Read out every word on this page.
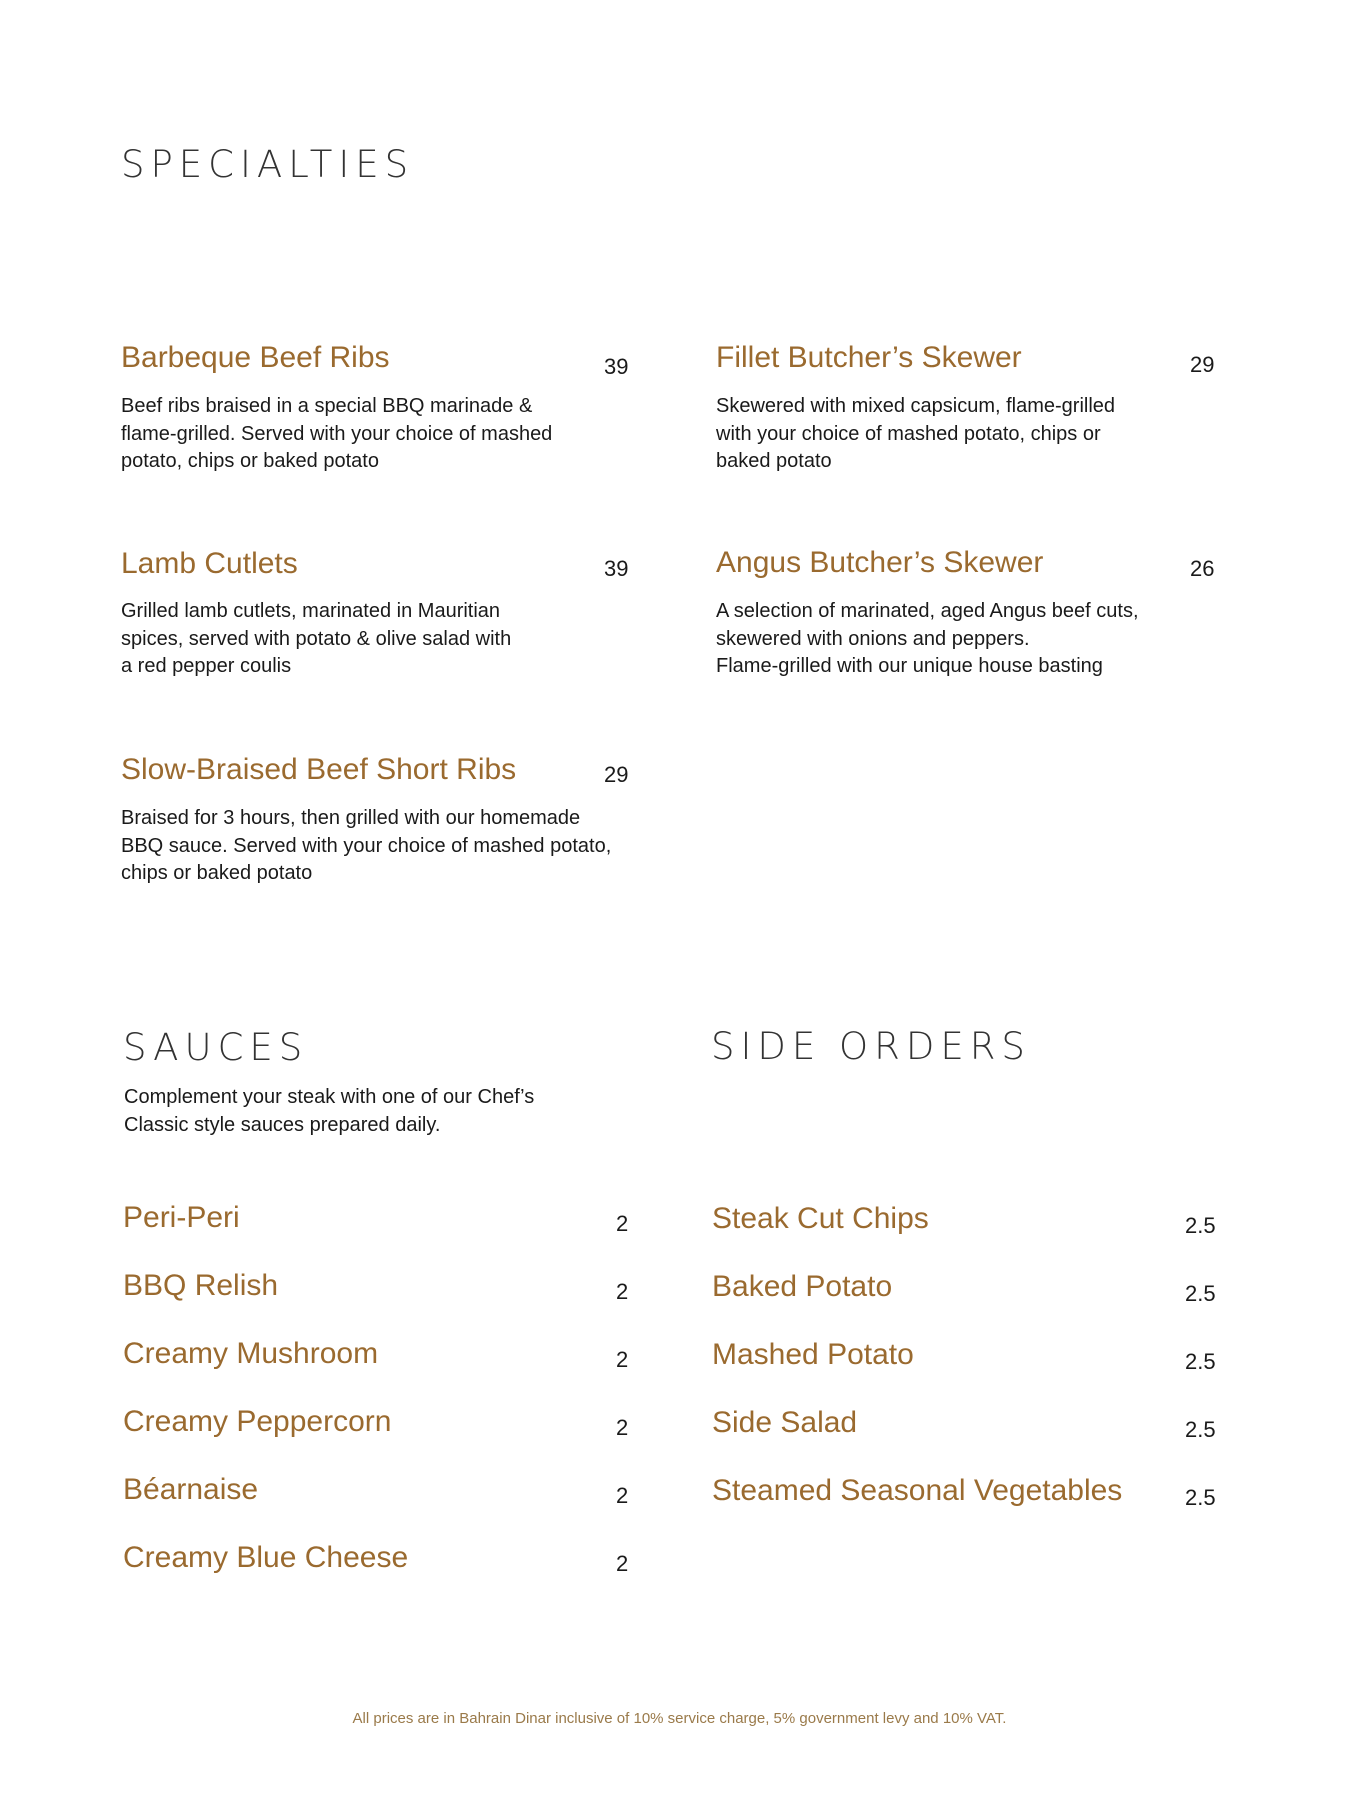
SPECIALTIES
Barbeque Beef Ribs	39
Beef ribs braised in a special BBQ marinade &
flame-grilled. Served with your choice of mashed
potato, chips or baked potato
Fillet Butcher’s Skewer	29
Skewered with mixed capsicum, flame-grilled
with your choice of mashed potato, chips or
baked potato
Lamb Cutlets	39
Grilled lamb cutlets, marinated in Mauritian
spices, served with potato & olive salad with
a red pepper coulis
Angus Butcher’s Skewer	26
A selection of marinated, aged Angus beef cuts,
skewered with onions and peppers.
Flame-grilled with our unique house basting
Slow-Braised Beef Short Ribs	29
Braised for 3 hours, then grilled with our homemade
BBQ sauce. Served with your choice of mashed potato,
chips or baked potato
SAUCES
Complement your steak with one of our Chef’s
Classic style sauces prepared daily.
Peri-Peri	2
BBQ Relish	2
Creamy Mushroom	2
Creamy Peppercorn	2
Béarnaise	2
Creamy Blue Cheese	2
SIDE ORDERS
Steak Cut Chips	2.5
Baked Potato	2.5
Mashed Potato	2.5
Side Salad	2.5
Steamed Seasonal Vegetables	2.5
All prices are in Bahrain Dinar inclusive of 10% service charge, 5% government levy and 10% VAT.
